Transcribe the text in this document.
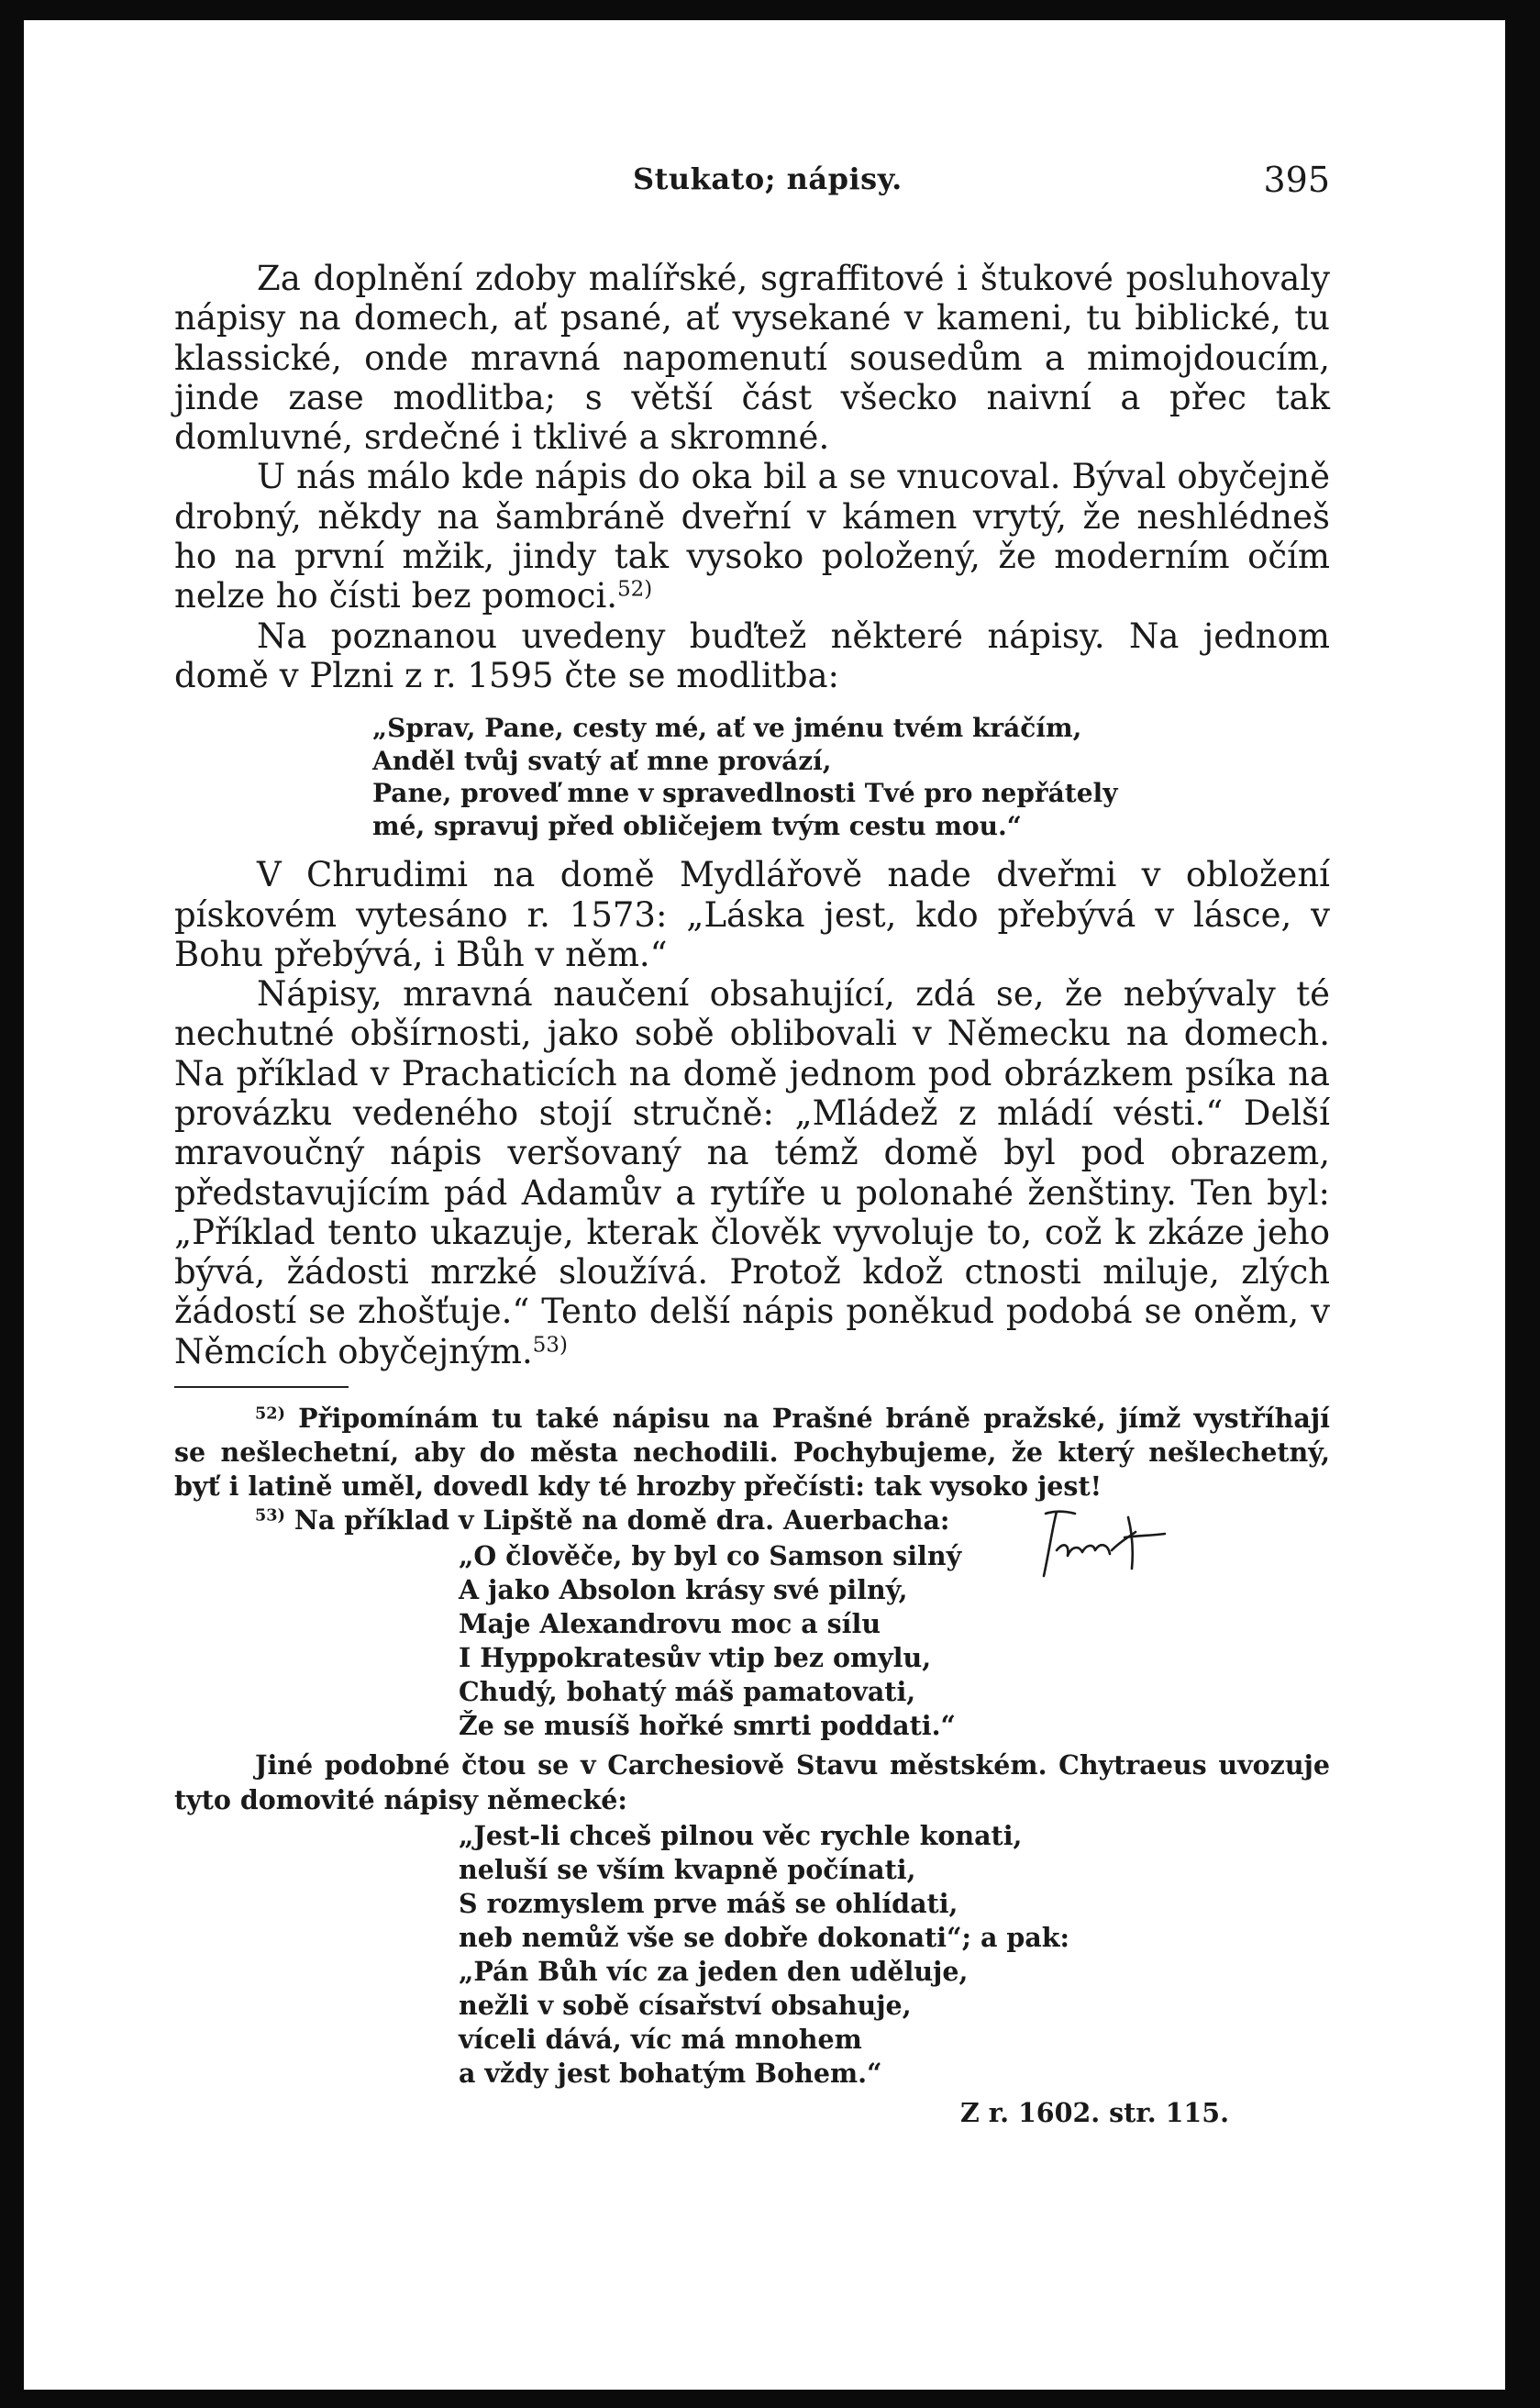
Stukato; nápisy.	395

Za doplnění zdoby malířské, sgraffitové i štukové posluhovaly nápisy na domech, ať psané, ať vysekané v kameni, tu biblické, tu klassické, onde mravná napomenutí sousedům a mimojdoucím, jinde zase modlitba; s větší část všecko naivní a přec tak domluvné, srdečné i tklivé a skromné.

U nás málo kde nápis do oka bil a se vnucoval. Býval obyčejně drobný, někdy na šambráně dveřní v kámen vrytý, že neshlédneš ho na první mžik, jindy tak vysoko položený, že moderním očím nelze ho čísti bez pomoci.$^{52)}$

Na poznanou uvedeny buďtež některé nápisy. Na jednom domě v Plzni z r. 1595 čte se modlitba:

„Sprav, Pane, cesty mé, ať ve jménu tvém kráčím,
Anděl tvůj svatý ať mne provází,
Pane, proveď mne v spravedlnosti Tvé pro nepřátely
mé, spravuj před obličejem tvým cestu mou.“

V Chrudimi na domě Mydlářově nade dveřmi v obložení pískovém vytesáno r. 1573: „Láska jest, kdo přebývá v lásce, v Bohu přebývá, i Bůh v něm.“

Nápisy, mravná naučení obsahující, zdá se, že nebývaly té nechutné obšírnosti, jako sobě oblibovali v Německu na domech. Na příklad v Prachaticích na domě jednom pod obrázkem psíka na provázku vedeného stojí stručně: „Mládež z mládí vésti.“ Delší mravoučný nápis veršovaný na témž domě byl pod obrazem, představujícím pád Adamův a rytíře u polonahé ženštiny. Ten byl: „Příklad tento ukazuje, kterak člověk vyvoluje to, což k zkáze jeho bývá, žádosti mrzké sloužívá. Protož kdož ctnosti miluje, zlých žádostí se zhošťuje.“ Tento delší nápis poněkud podobá se oněm, v Němcích obyčejným.$^{53)}$

$^{52)}$ Připomínám tu také nápisu na Prašné bráně pražské, jímž vystříhají se nešlechetní, aby do města nechodili. Pochybujeme, že který nešlechetný, byť i latině uměl, dovedl kdy té hrozby přečísti: tak vysoko jest!

$^{53)}$ Na příklad v Lipště na domě dra. Auerbacha:

„O člověče, by byl co Samson silný
A jako Absolon krásy své pilný,
Maje Alexandrovu moc a sílu
I Hyppokratesův vtip bez omylu,
Chudý, bohatý máš pamatovati,
Že se musíš hořké smrti poddati.“

Jiné podobné čtou se v Carchesiově Stavu městském. Chytraeus uvozuje tyto domovité nápisy německé:

„Jest-li chceš pilnou věc rychle konati,
neluší se vším kvapně počínati,
S rozmyslem prve máš se ohlídati,
neb nemůž vše se dobře dokonati“; a pak:
„Pán Bůh víc za jeden den uděluje,
nežli v sobě císařství obsahuje,
víceli dává, víc má mnohem
a vždy jest bohatým Bohem.“
Z r. 1602. str. 115.
